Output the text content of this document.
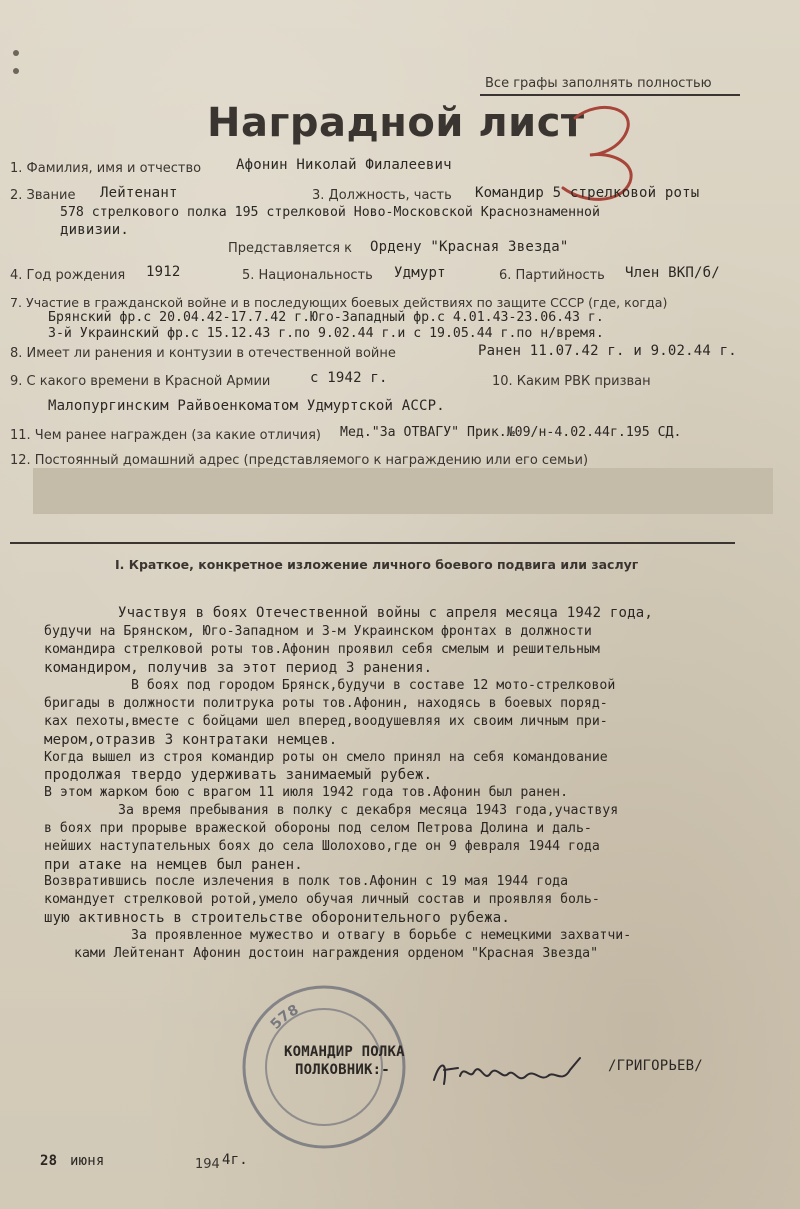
Все графы заполнять полностью
Наградной лист
1. Фамилия, имя и отчество Афонин Николай Филалеевич
2. Звание Лейтенант	3. Должность, часть Командир 5 стрелковой роты
578 стрелкового полка 195 стрелковой Ново-Московской Краснознаменной
дивизии.
Представляется к Ордену "Красная Звезда"
4. Год рождения 1912	5. Национальность Удмурт	6. Партийность Член ВКП/б/
7. Участие в гражданской войне и в последующих боевых действиях по защите СССР (где, когда)
Брянский фр.с 20.04.42-17.7.42 г.Юго-Западный фр.с 4.01.43-23.06.43 г.
3-й Украинский фр.с 15.12.43 г.по 9.02.44 г.и с 19.05.44 г.по н/время.
8. Имеет ли ранения и контузии в отечественной войне	Ранен 11.07.42 г. и 9.02.44 г.
9. С какого времени в Красной Армии	с 1942 г.	10. Каким РВК призван
Малопургинским Райвоенкоматом Удмуртской АССР.
11. Чем ранее награжден (за какие отличия) Мед."За ОТВАГУ" Прик.№09/н-4.02.44г.195 СД.
12. Постоянный домашний адрес (представляемого к награждению или его семьи)
I. Краткое, конкретное изложение личного боевого подвига или заслуг
Участвуя в боях Отечественной войны с апреля месяца 1942 года,
будучи на Брянском, Юго-Западном и 3-м Украинском фронтах в должности
командира стрелковой роты тов.Афонин проявил себя смелым и решительным
командиром, получив за этот период 3 ранения.
В боях под городом Брянск,будучи в составе 12 мото-стрелковой
бригады в должности политрука роты тов.Афонин, находясь в боевых поряд-
ках пехоты,вместе с бойцами шел вперед,воодушевляя их своим личным при-
мером,отразив 3 контратаки немцев.
Когда вышел из строя командир роты он смело принял на себя командование
продолжая твердо удерживать занимаемый рубеж.
В этом жарком бою с врагом 11 июля 1942 года тов.Афонин был ранен.
За время пребывания в полку с декабря месяца 1943 года,участвуя
в боях при прорыве вражеской обороны под селом Петрова Долина и даль-
нейших наступательных боях до села Шолохово,где он 9 февраля 1944 года
при атаке на немцев был ранен.
Возвратившись после излечения в полк тов.Афонин с 19 мая 1944 года
командует стрелковой ротой,умело обучая личный состав и проявляя боль-
шую активность в строительстве оборонительного рубежа.
За проявленное мужество и отвагу в борьбе с немецкими захватчи-
ками Лейтенант Афонин достоин награждения орденом "Красная Звезда"
578
КОМАНДИР ПОЛКА
ПОЛКОВНИК:-	/ГРИГОРЬЕВ/
28 июня	194 4г.
